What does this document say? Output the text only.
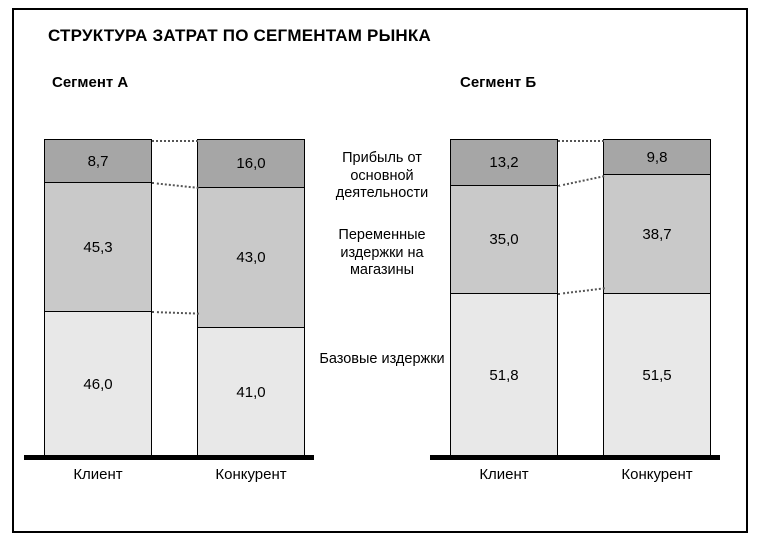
СТРУКТУРА ЗАТРАТ ПО СЕГМЕНТАМ РЫНКА
Сегмент А	Сегмент Б
8,7
45,3
46,0
16,0
43,0
41,0
13,2
35,0
51,8
9,8
38,7
51,5
Прибыль от основной деятельности
Переменные издержки на магазины
Базовые издержки
Клиент	Конкурент	Клиент	Конкурент
